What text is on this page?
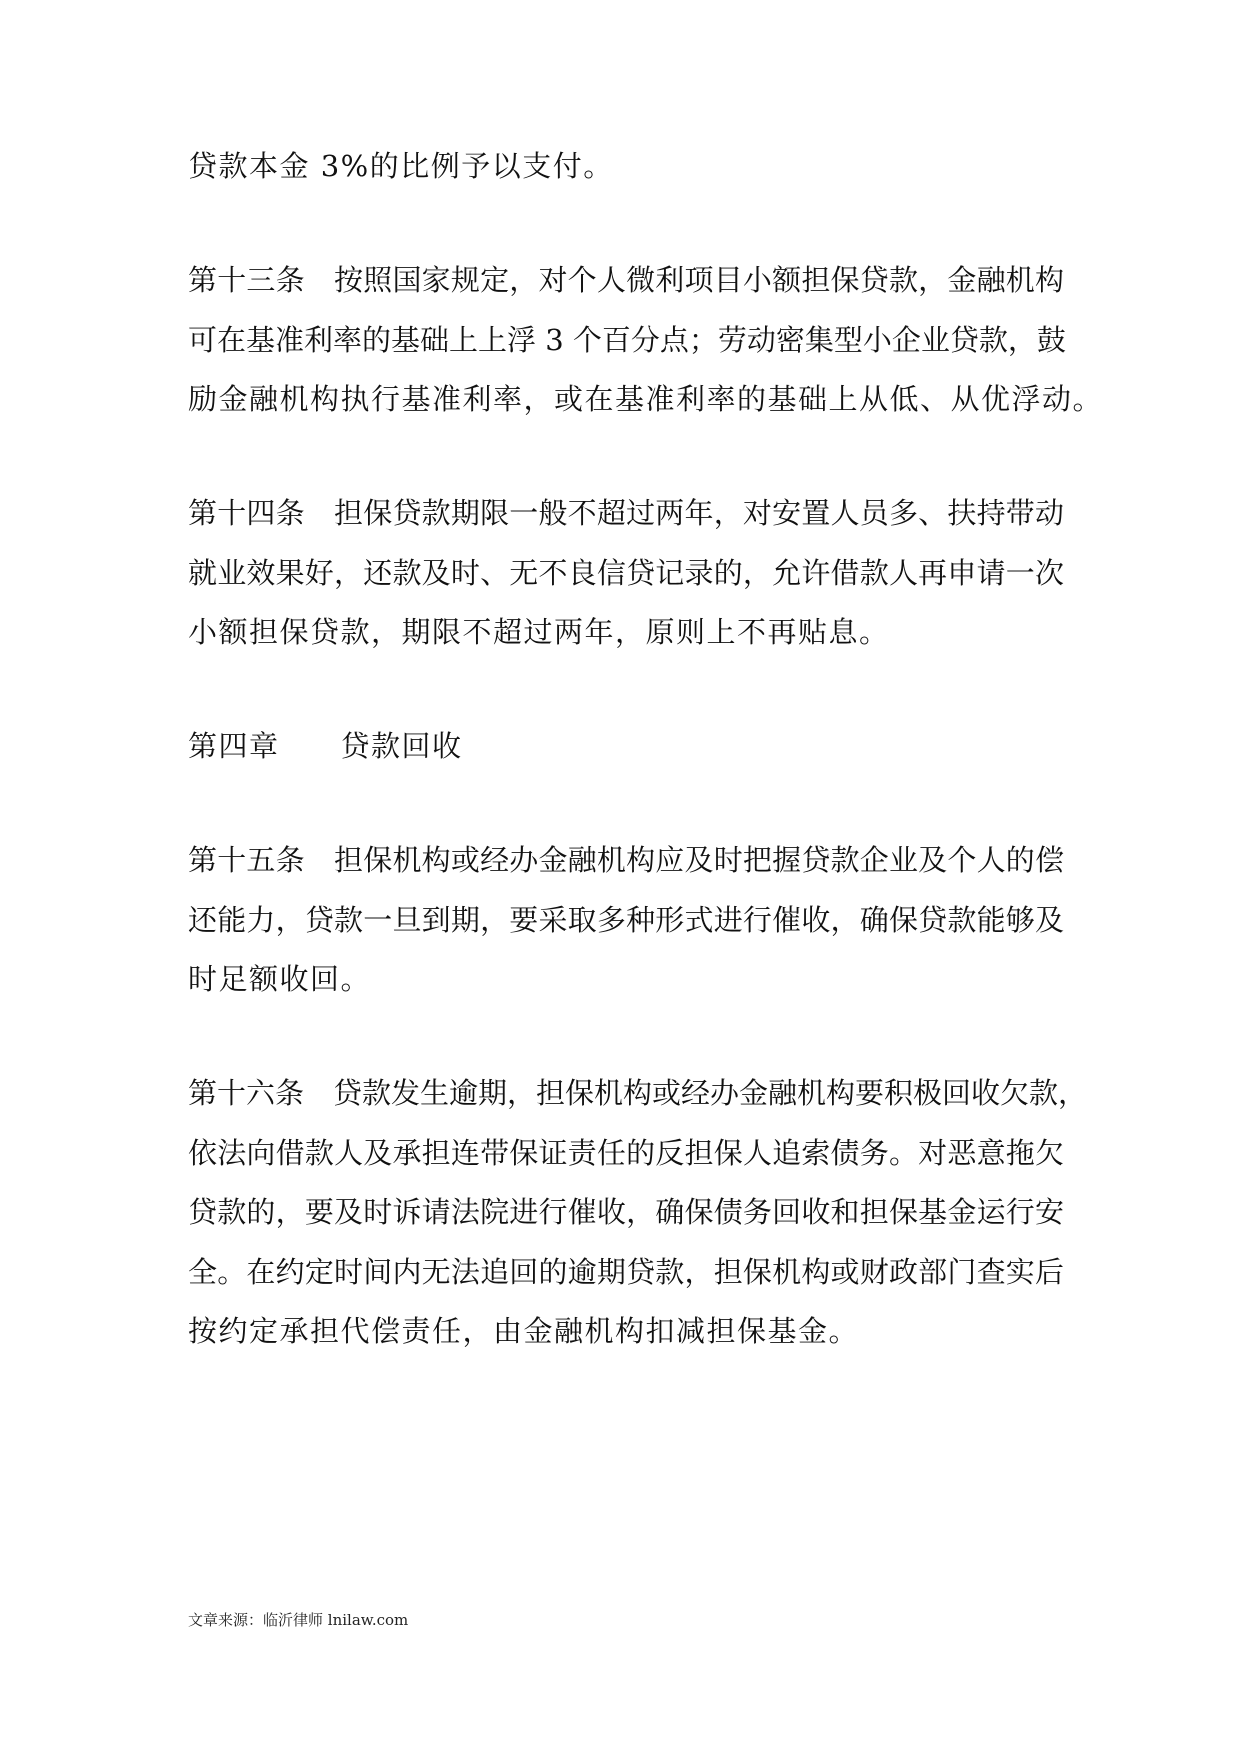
贷款本金 3%的比例予以支付。
第十三条　按照国家规定，对个人微利项目小额担保贷款，金融机构
可在基准利率的基础上上浮 3 个百分点；劳动密集型小企业贷款，鼓
励金融机构执行基准利率，或在基准利率的基础上从低、从优浮动。
第十四条　担保贷款期限一般不超过两年，对安置人员多、扶持带动
就业效果好，还款及时、无不良信贷记录的，允许借款人再申请一次
小额担保贷款，期限不超过两年，原则上不再贴息。
第四章　　贷款回收
第十五条　担保机构或经办金融机构应及时把握贷款企业及个人的偿
还能力，贷款一旦到期，要采取多种形式进行催收，确保贷款能够及
时足额收回。
第十六条　贷款发生逾期，担保机构或经办金融机构要积极回收欠款，
依法向借款人及承担连带保证责任的反担保人追索债务。对恶意拖欠
贷款的，要及时诉请法院进行催收，确保债务回收和担保基金运行安
全。在约定时间内无法追回的逾期贷款，担保机构或财政部门查实后
按约定承担代偿责任，由金融机构扣减担保基金。
文章来源：临沂律师 lnilaw.com
